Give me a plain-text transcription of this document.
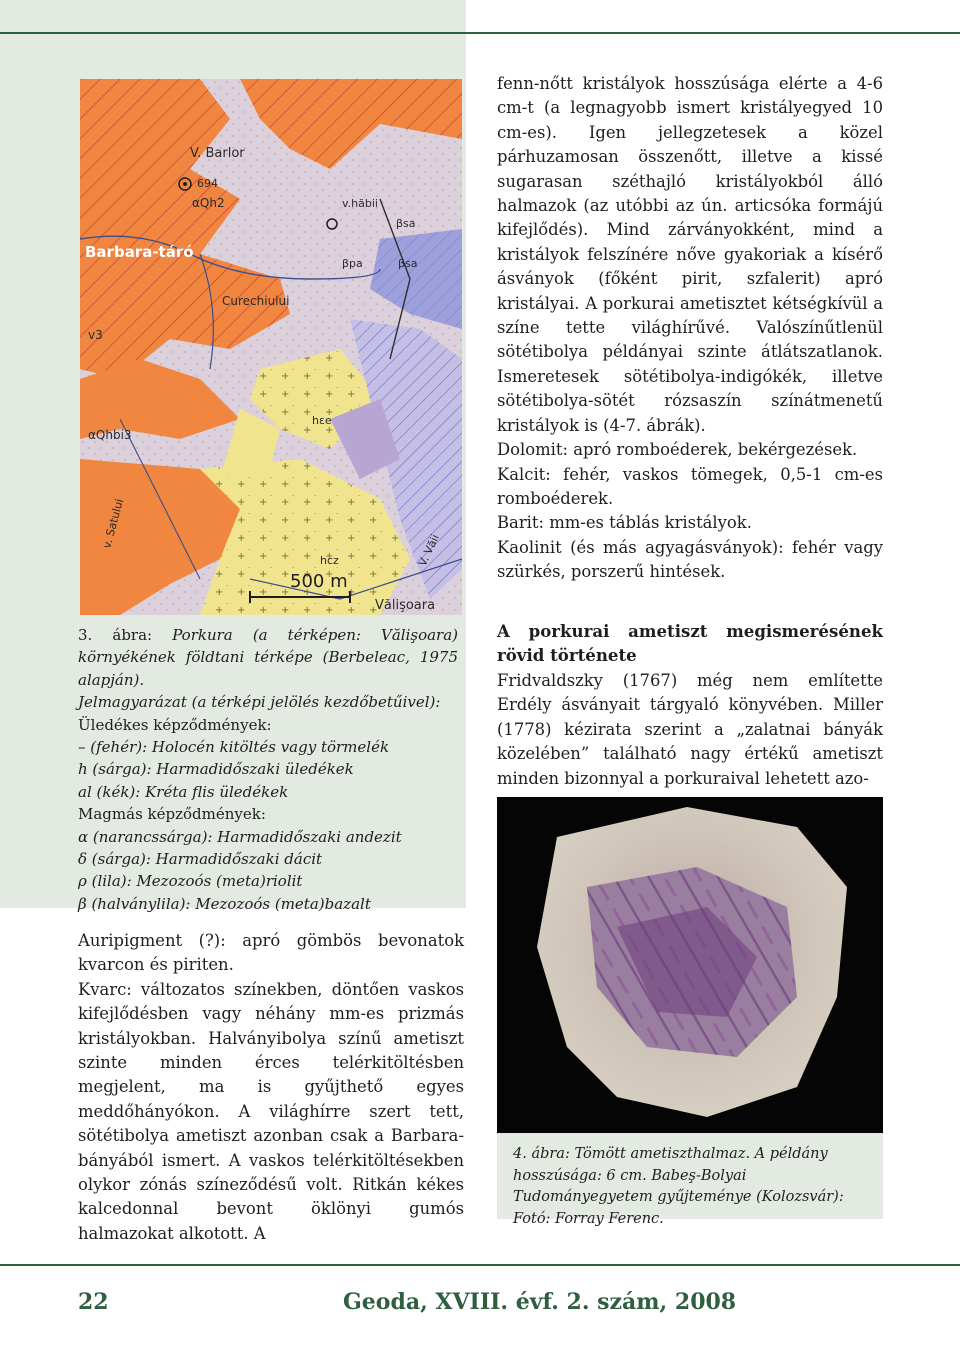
V. Barlor
694
αQh2
Barbara-táró
v.hăbii
βsa
βpa	βsa
Curechiului
v3
αQhbi3
hεe
hcz
v. Satului
V. Văii
500 m
Vălişoara

3. ábra: Porkura (a térképen: Vălişoara) környékének földtani térképe (Berbeleac, 1975 alapján).

Jelmagyarázat (a térképi jelölés kezdőbetűivel):

Üledékes képződmények:

– (fehér): Holocén kitöltés vagy törmelék

h (sárga): Harmadidőszaki üledékek

al (kék): Kréta flis üledékek

Magmás képződmények:

α (narancssárga): Harmadidőszaki andezit

δ (sárga): Harmadidőszaki dácit

ρ (lila): Mezozoós (meta)riolit

β (halványlila): Mezozoós (meta)bazalt

fenn-nőtt kristályok hosszúsága elérte a 4-6 cm-t (a legnagyobb ismert kristályegyed 10 cm-es). Igen jellegzetesek a közel párhuzamosan összenőtt, illetve a kissé sugarasan széthajló kristályokból álló halmazok (az utóbbi az ún. articsóka formájú kifejlődés). Mind zárványokként, mind a kristályok felszínére nőve gyakoriak a kísérő ásványok (főként pirit, szfalerit) apró kristályai. A porkurai ametisztet kétségkívül a színe tette világhírűvé. Valószínűtlenül sötétibolya példányai szinte átlátszatlanok. Ismeretesek sötétibolya-indigókék, illetve sötétibolya-sötét rózsaszín színátmenetű kristályok is (4-7. ábrák).

Dolomit: apró romboéderek, bekérgezések.

Kalcit: fehér, vaskos tömegek, 0,5-1 cm-es romboéderek.

Barit: mm-es táblás kristályok.

Kaolinit (és más agyagásványok): fehér vagy szürkés, porszerű hintések.

A porkurai ametiszt megismerésének rövid története

Fridvaldszky (1767) még nem említette Erdély ásványait tárgyaló könyvében. Miller (1778) kézirata szerint a „zalatnai bányák közelében” található nagy értékű ametiszt minden bizonnyal a porkuraival lehetett azo-

4. ábra: Tömött ametiszthalmaz. A példány hosszúsága: 6 cm. Babeş-Bolyai Tudományegyetem gyűjteménye (Kolozsvár): Fotó: Forray Ferenc.

Auripigment (?): apró gömbös bevonatok kvarcon és piriten.

Kvarc: változatos színekben, döntően vaskos kifejlődésben vagy néhány mm-es prizmás kristályokban. Halványibolya színű ametiszt szinte minden érces telérkitöltésben megjelent, ma is gyűjthető egyes meddőhányókon. A világhírre szert tett, sötétibolya ametiszt azonban csak a Barbara-bányából ismert. A vaskos telérkitöltésekben olykor zónás színeződésű volt. Ritkán kékes kalcedonnal bevont öklönyi gumós halmazokat alkotott. A

22	Geoda, XVIII. évf. 2. szám, 2008
